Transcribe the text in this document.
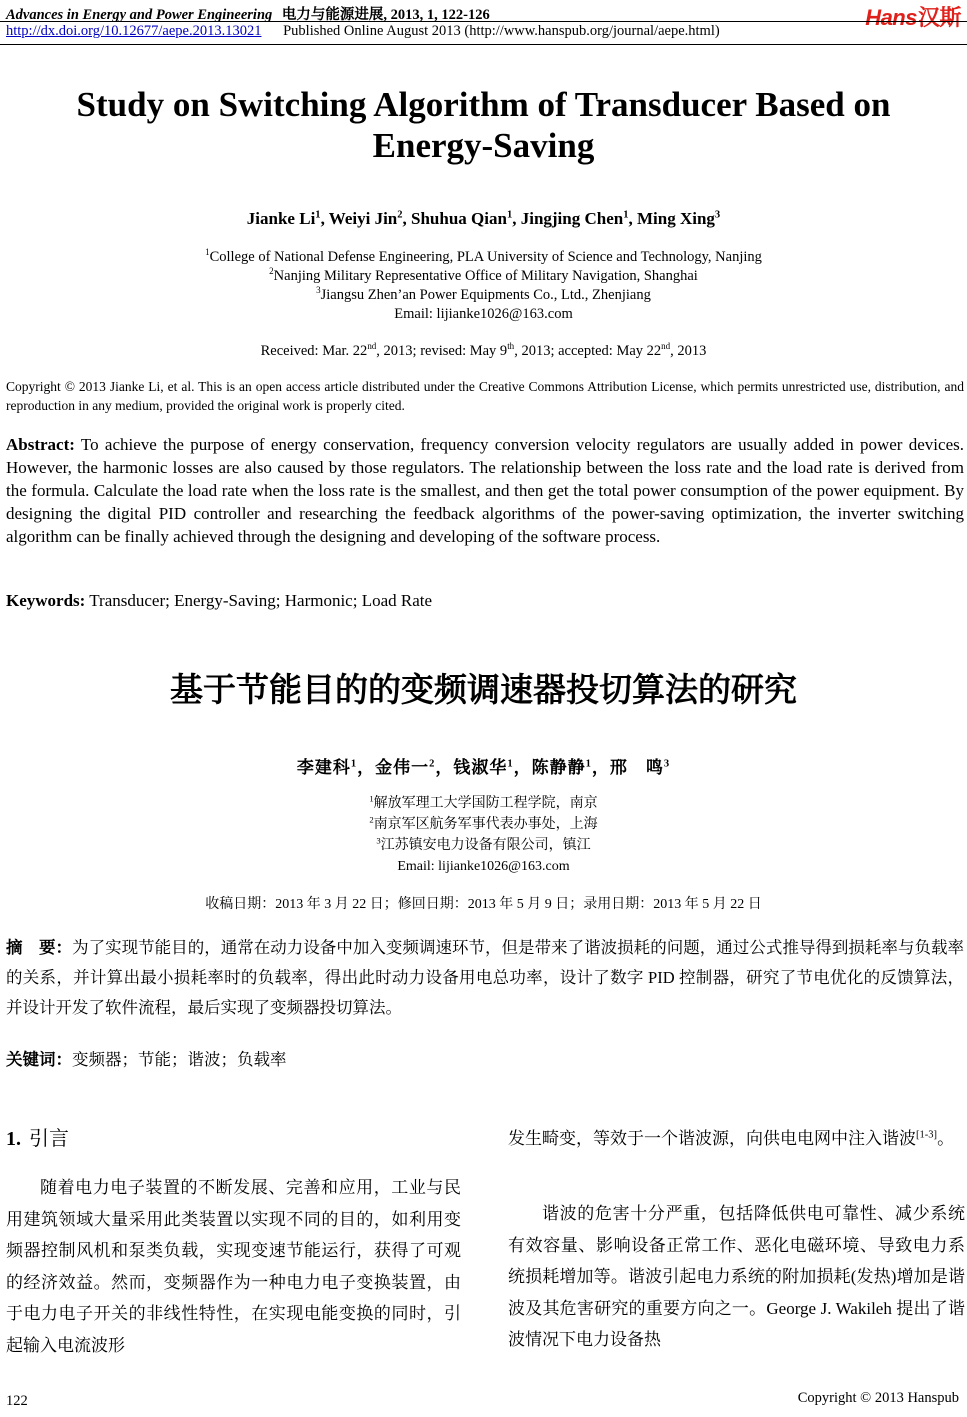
Advances in Energy and Power Engineering 电力与能源进展, 2013, 1, 122-126	Hans汉斯
http://dx.doi.org/10.12677/aepe.2013.13021 Published Online August 2013 (http://www.hanspub.org/journal/aepe.html)
Study on Switching Algorithm of Transducer Based on Energy-Saving
Jianke Li$^1$, Weiyi Jin$^2$, Shuhua Qian$^1$, Jingjing Chen$^1$, Ming Xing$^3$
$^1$College of National Defense Engineering, PLA University of Science and Technology, Nanjing
$^2$Nanjing Military Representative Office of Military Navigation, Shanghai
$^3$Jiangsu Zhen’an Power Equipments Co., Ltd., Zhenjiang
Email: lijianke1026@163.com
Received: Mar. 22nd, 2013; revised: May 9th, 2013; accepted: May 22nd, 2013
Copyright © 2013 Jianke Li, et al. This is an open access article distributed under the Creative Commons Attribution License, which permits unrestricted use, distribution, and reproduction in any medium, provided the original work is properly cited.
Abstract: To achieve the purpose of energy conservation, frequency conversion velocity regulators are usually added in power devices. However, the harmonic losses are also caused by those regulators. The relationship between the loss rate and the load rate is derived from the formula. Calculate the load rate when the loss rate is the smallest, and then get the total power consumption of the power equipment. By designing the digital PID controller and researching the feedback algorithms of the power-saving optimization, the inverter switching algorithm can be finally achieved through the designing and developing of the software process.
Keywords: Transducer; Energy-Saving; Harmonic; Load Rate
基于节能目的的变频调速器投切算法的研究
李建科$^1$，金伟一$^2$，钱淑华$^1$，陈静静$^1$，邢　鸣$^3$
$^1$解放军理工大学国防工程学院，南京
$^2$南京军区航务军事代表办事处，上海
$^3$江苏镇安电力设备有限公司，镇江
Email: lijianke1026@163.com
收稿日期：2013 年 3 月 22 日；修回日期：2013 年 5 月 9 日；录用日期：2013 年 5 月 22 日
摘　要：为了实现节能目的，通常在动力设备中加入变频调速环节，但是带来了谐波损耗的问题，通过公式推导得到损耗率与负载率的关系，并计算出最小损耗率时的负载率，得出此时动力设备用电总功率，设计了数字 PID 控制器，研究了节电优化的反馈算法，并设计开发了软件流程，最后实现了变频器投切算法。
关键词：变频器；节能；谐波；负载率
1. 引言
随着电力电子装置的不断发展、完善和应用，工业与民用建筑领域大量采用此类装置以实现不同的目的，如利用变频器控制风机和泵类负载，实现变速节能运行，获得了可观的经济效益。然而，变频器作为一种电力电子变换装置，由于电力电子开关的非线性特性，在实现电能变换的同时，引起输入电流波形
发生畸变，等效于一个谐波源，向供电电网中注入谐波[1-3]。
谐波的危害十分严重，包括降低供电可靠性、减少系统有效容量、影响设备正常工作、恶化电磁环境、导致电力系统损耗增加等。谐波引起电力系统的附加损耗(发热)增加是谐波及其危害研究的重要方向之一。George J. Wakileh 提出了谐波情况下电力设备热
122	Copyright © 2013 Hanspub
